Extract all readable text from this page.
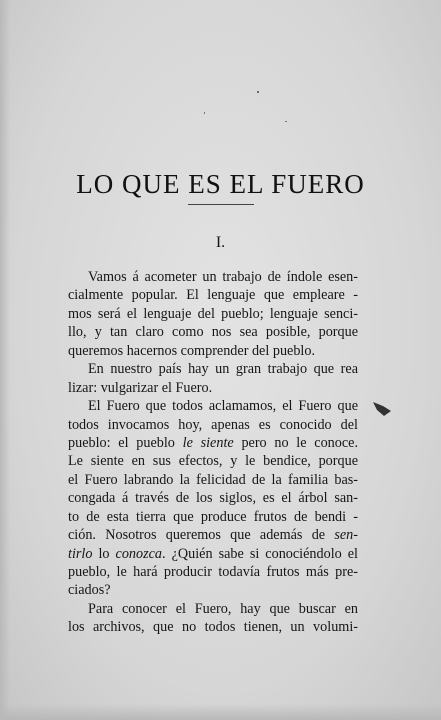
LO QUE ES EL FUERO
I.
Vamos á acometer un trabajo de índole esen-
cialmente popular. El lenguaje que empleare -
mos será el lenguaje del pueblo; lenguaje senci-
llo, y tan claro como nos sea posible, porque
queremos hacernos comprender del pueblo.
En nuestro país hay un gran trabajo que rea
lizar: vulgarizar el Fuero.
El Fuero que todos aclamamos, el Fuero que
todos invocamos hoy, apenas es conocido del
pueblo: el pueblo le siente pero no le conoce.
Le siente en sus efectos, y le bendice, porque
el Fuero labrando la felicidad de la familia bas-
congada á través de los siglos, es el árbol san-
to de esta tierra que produce frutos de bendi -
ción. Nosotros queremos que además de sen-
tirlo lo conozca. ¿Quién sabe si conociéndolo el
pueblo, le hará producir todavía frutos más pre-
ciados?
Para conocer el Fuero, hay que buscar en
los archivos, que no todos tienen, un volumi-
